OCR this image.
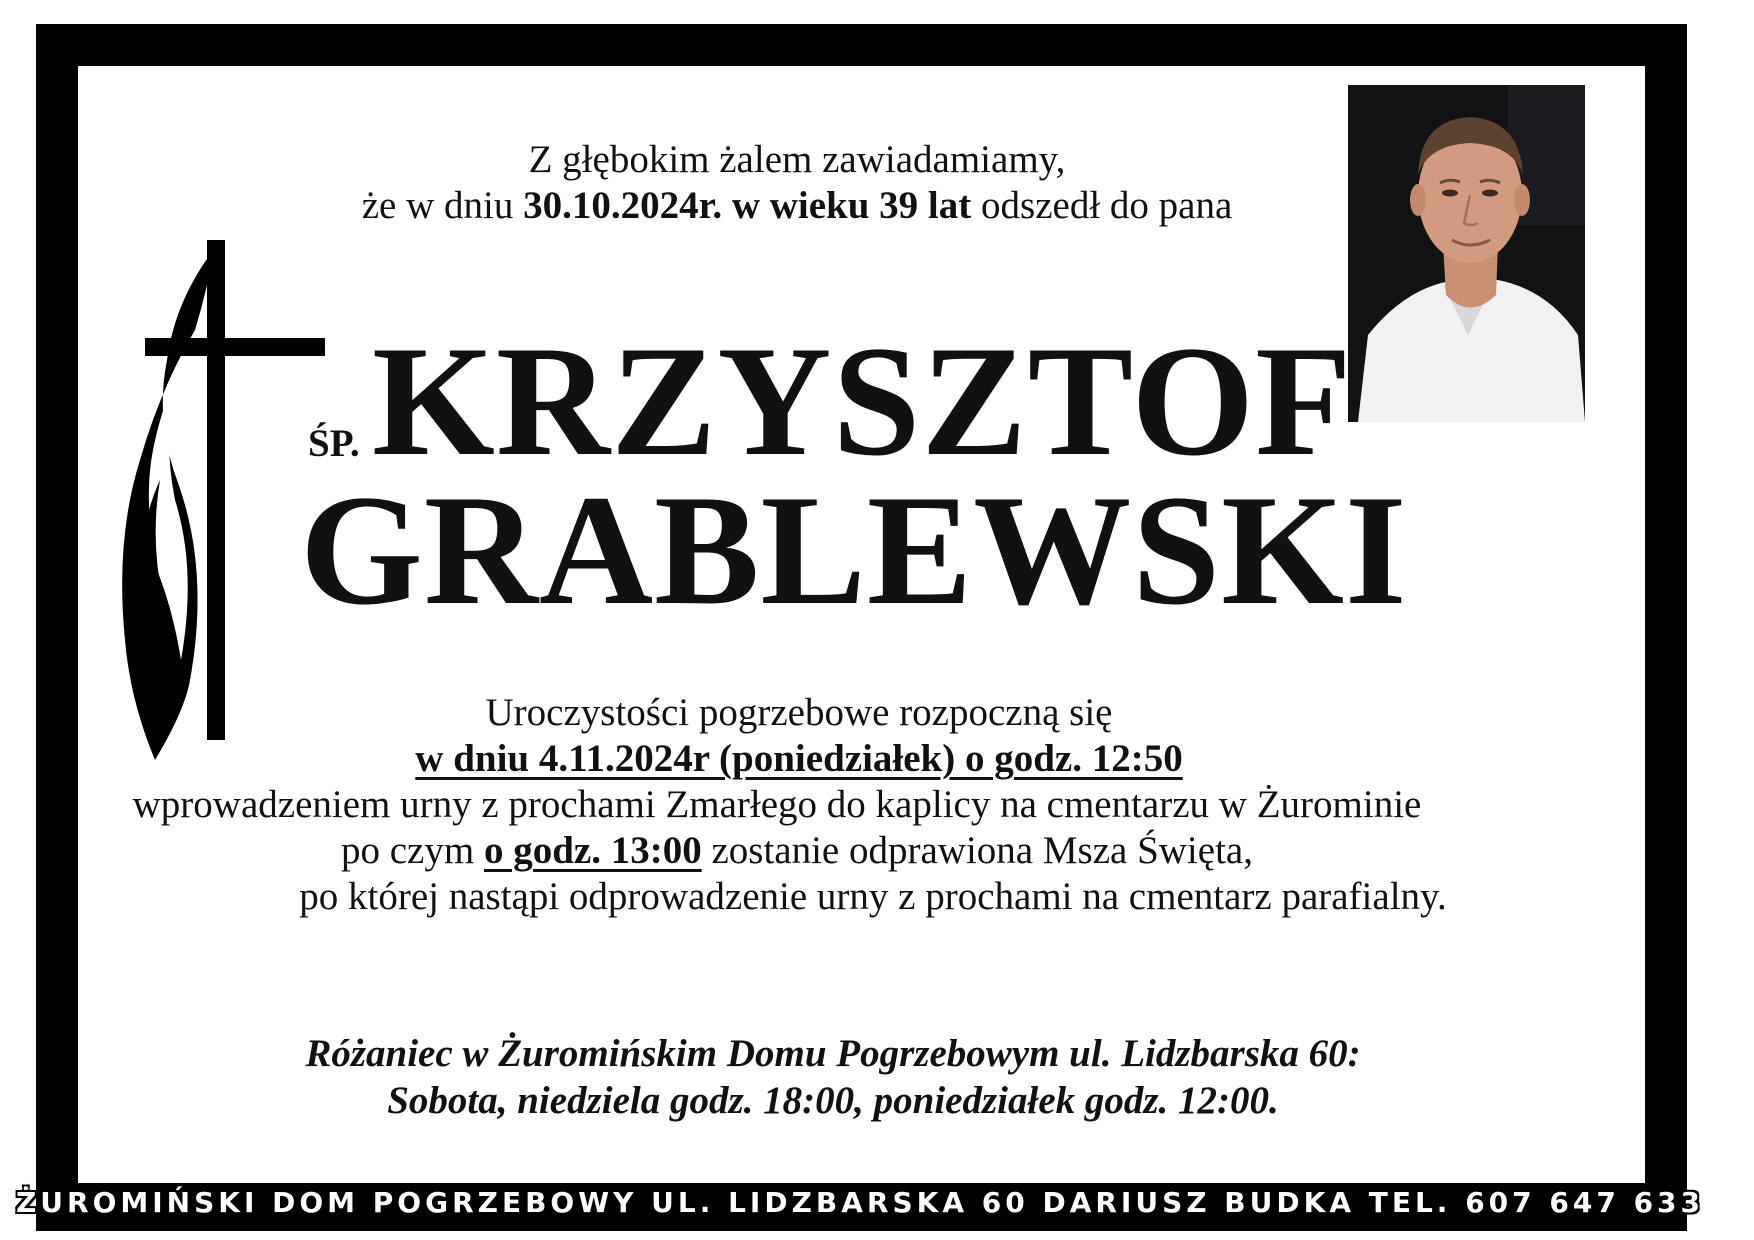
Z głębokim żalem zawiadamiamy,
że w dniu 30.10.2024r. w wieku 39 lat odszedł do pana
ŚP. KRZYSZTOF
GRABLEWSKI
Uroczystości pogrzebowe rozpoczną się
w dniu 4.11.2024r (poniedziałek) o godz. 12:50
wprowadzeniem urny z prochami Zmarłego do kaplicy na cmentarzu w Żurominie
po czym o godz. 13:00 zostanie odprawiona Msza Święta,
po której nastąpi odprowadzenie urny z prochami na cmentarz parafialny.
Różaniec w Żuromińskim Domu Pogrzebowym ul. Lidzbarska 60:
Sobota, niedziela godz. 18:00, poniedziałek godz. 12:00.
ŻUROMIŃSKI DOM POGRZEBOWY UL. LIDZBARSKA 60 DARIUSZ BUDKA TEL. 607 647 633
